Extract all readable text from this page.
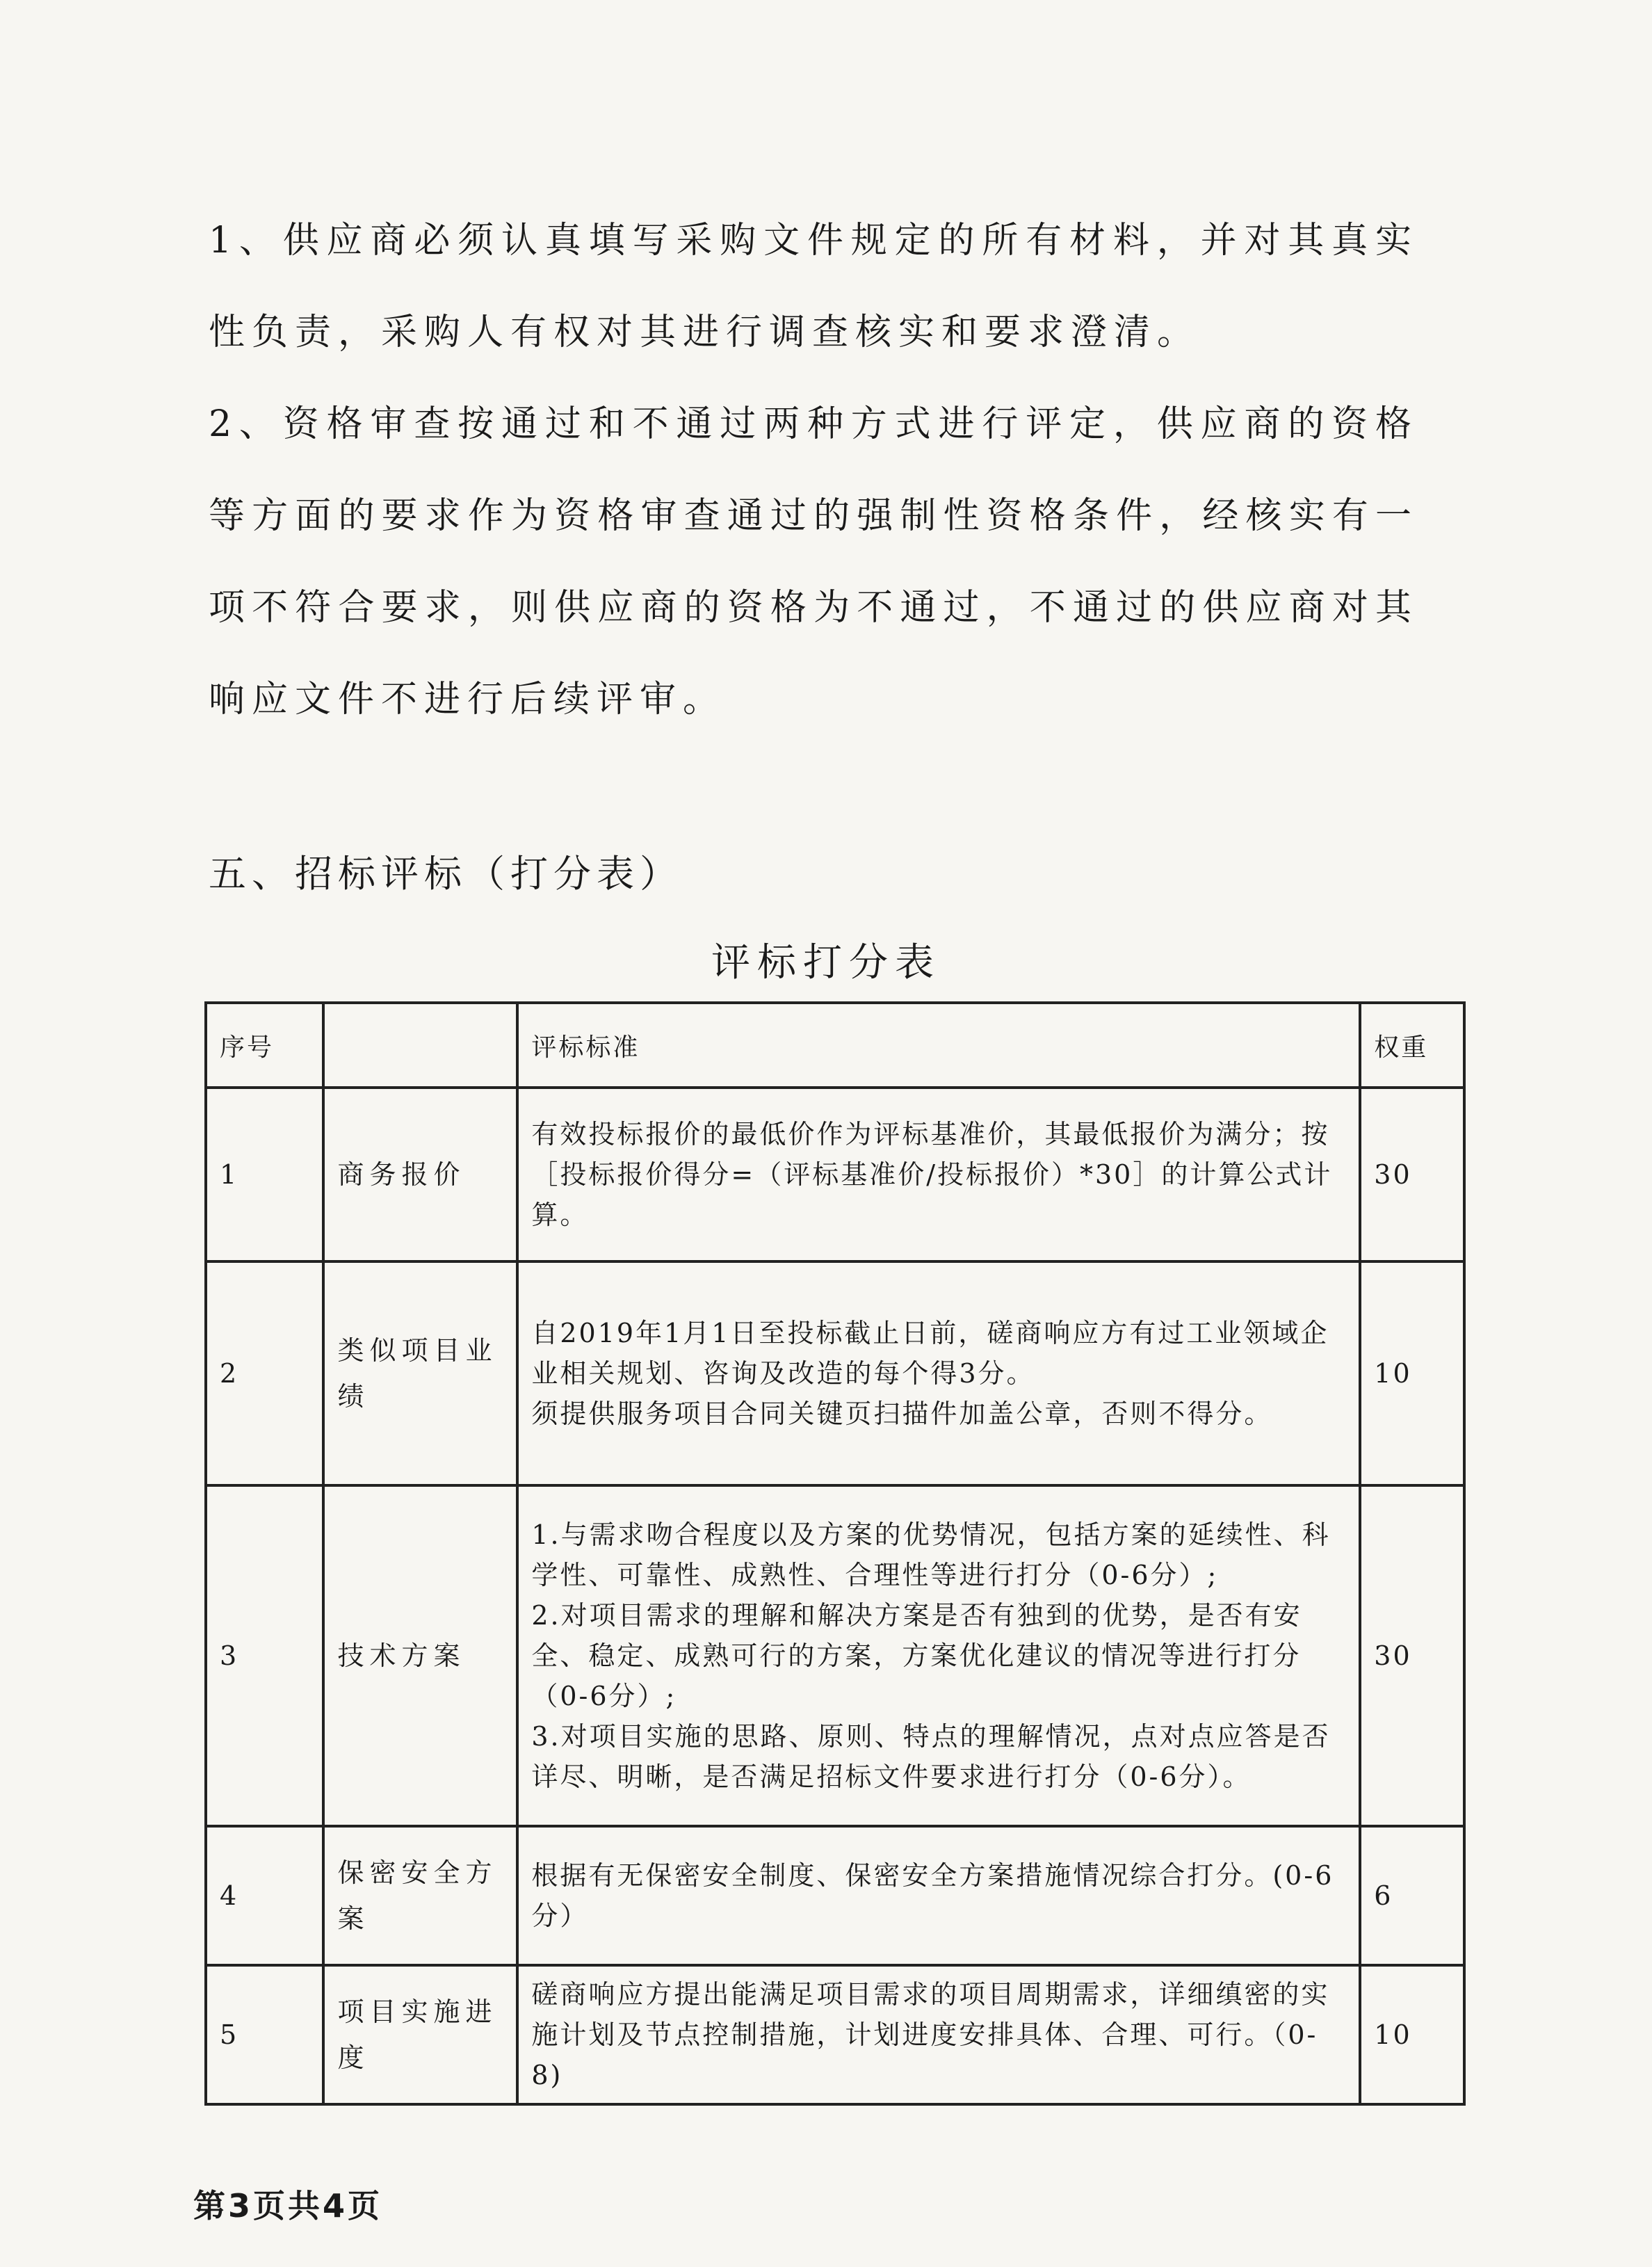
1、供应商必须认真填写采购文件规定的所有材料，并对其真实性负责，采购人有权对其进行调查核实和要求澄清。

2、资格审查按通过和不通过两种方式进行评定，供应商的资格等方面的要求作为资格审查通过的强制性资格条件，经核实有一项不符合要求，则供应商的资格为不通过，不通过的供应商对其响应文件不进行后续评审。

五、招标评标（打分表）
评标打分表
序号		评标标准	权重
1	商务报价	有效投标报价的最低价作为评标基准价，其最低报价为满分；按［投标报价得分=（评标基准价/投标报价）*30］的计算公式计算。	30
2	类似项目业绩	自2019年1月1日至投标截止日前，磋商响应方有过工业领域企业相关规划、咨询及改造的每个得3分。
须提供服务项目合同关键页扫描件加盖公章，否则不得分。	10
3	技术方案	1.与需求吻合程度以及方案的优势情况，包括方案的延续性、科学性、可靠性、成熟性、合理性等进行打分（0-6分）;
2.对项目需求的理解和解决方案是否有独到的优势，是否有安全、稳定、成熟可行的方案，方案优化建议的情况等进行打分（0-6分）;
3.对项目实施的思路、原则、特点的理解情况，点对点应答是否详尽、明晰，是否满足招标文件要求进行打分（0-6分）。	30
4	保密安全方案	根据有无保密安全制度、保密安全方案措施情况综合打分。(0-6分）	6
5	项目实施进度	磋商响应方提出能满足项目需求的项目周期需求，详细缜密的实施计划及节点控制措施，计划进度安排具体、合理、可行。（0-8)	10

第3页共4页
